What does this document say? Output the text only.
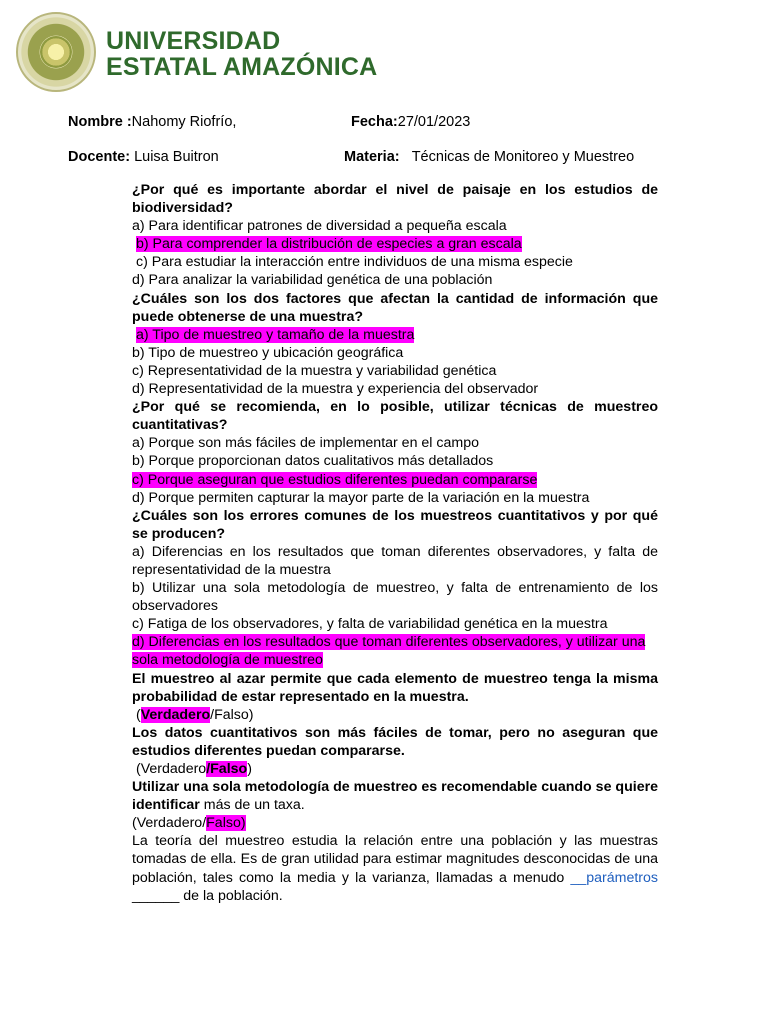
UNIVERSIDAD
ESTATAL AMAZÓNICA
Nombre :Nahomy Riofrío,	Fecha:27/01/2023
Docente: Luisa Buitron	Materia: Técnicas de Monitoreo y Muestreo
¿Por qué es importante abordar el nivel de paisaje en los estudios de biodiversidad?
a) Para identificar patrones de diversidad a pequeña escala
b) Para comprender la distribución de especies a gran escala
c) Para estudiar la interacción entre individuos de una misma especie
d) Para analizar la variabilidad genética de una población
¿Cuáles son los dos factores que afectan la cantidad de información que puede obtenerse de una muestra?
a) Tipo de muestreo y tamaño de la muestra
b) Tipo de muestreo y ubicación geográfica
c) Representatividad de la muestra y variabilidad genética
d) Representatividad de la muestra y experiencia del observador
¿Por qué se recomienda, en lo posible, utilizar técnicas de muestreo cuantitativas?
a) Porque son más fáciles de implementar en el campo
b) Porque proporcionan datos cualitativos más detallados
c) Porque aseguran que estudios diferentes puedan compararse
d) Porque permiten capturar la mayor parte de la variación en la muestra
¿Cuáles son los errores comunes de los muestreos cuantitativos y por qué se producen?
a) Diferencias en los resultados que toman diferentes observadores, y falta de representatividad de la muestra
b) Utilizar una sola metodología de muestreo, y falta de entrenamiento de los observadores
c) Fatiga de los observadores, y falta de variabilidad genética en la muestra
d) Diferencias en los resultados que toman diferentes observadores, y utilizar una sola metodología de muestreo
El muestreo al azar permite que cada elemento de muestreo tenga la misma probabilidad de estar representado en la muestra.
(Verdadero/Falso)
Los datos cuantitativos son más fáciles de tomar, pero no aseguran que estudios diferentes puedan compararse.
(Verdadero/Falso)
Utilizar una sola metodología de muestreo es recomendable cuando se quiere identificar más de un taxa.
(Verdadero/Falso)
La teoría del muestreo estudia la relación entre una población y las muestras tomadas de ella. Es de gran utilidad para estimar magnitudes desconocidas de una población, tales como la media y la varianza, llamadas a menudo __parámetros ______ de la población.
